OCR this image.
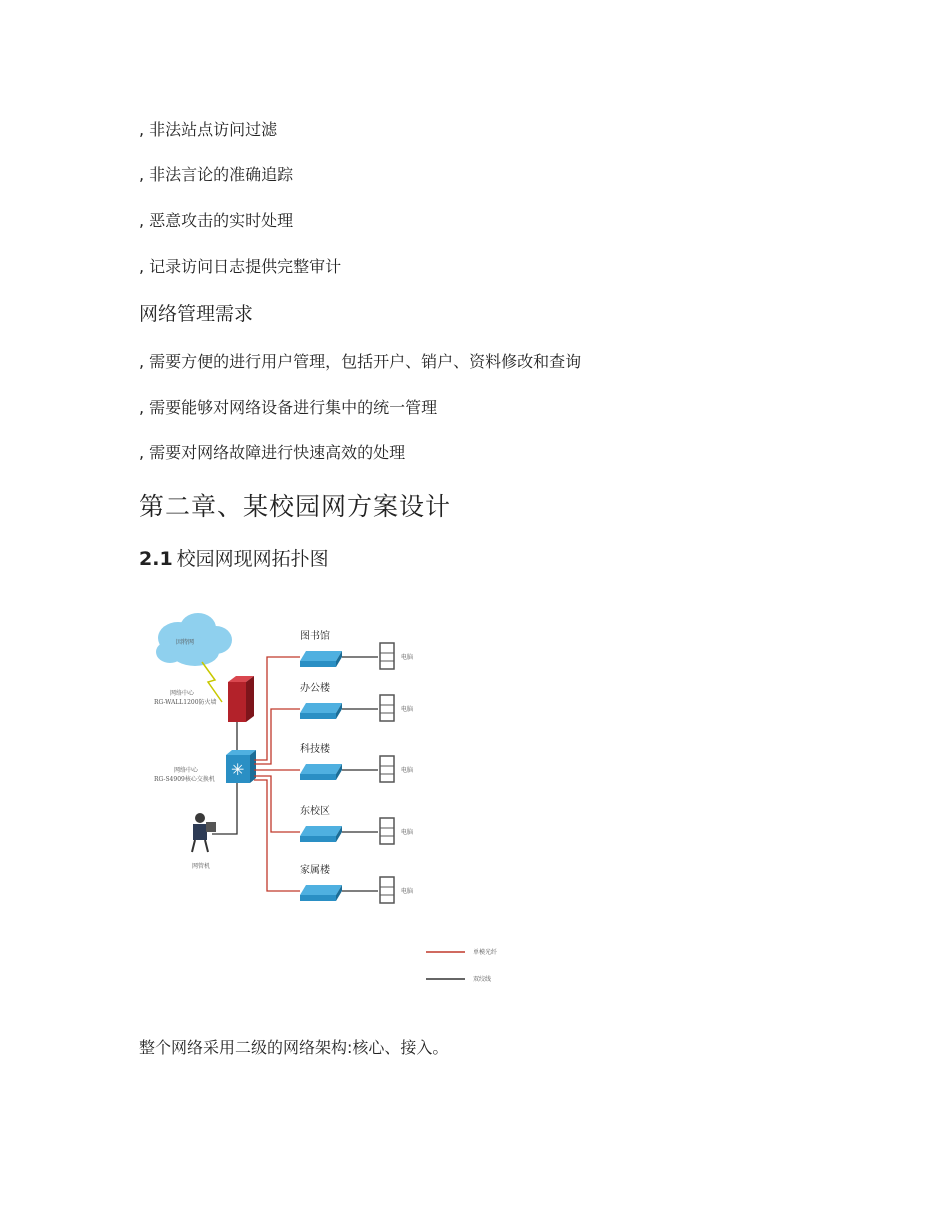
, 非法站点访问过滤
, 非法言论的准确追踪
, 恶意攻击的实时处理
, 记录访问日志提供完整审计
网络管理需求
, 需要方便的进行用户管理，包括开户、销户、资料修改和查询
, 需要能够对网络设备进行集中的统一管理
, 需要对网络故障进行快速高效的处理
第二章、某校园网方案设计
2.1 校园网现网拓扑图
因特网
网络中心
RG-WALL1200防火墙
✳
网络中心
RG-S4909核心交换机
网管机
图书馆
电脑
办公楼
电脑
科技楼
电脑
东校区
电脑
家属楼
电脑
单模光纤
双绞线
整个网络采用二级的网络架构:核心、接入。
